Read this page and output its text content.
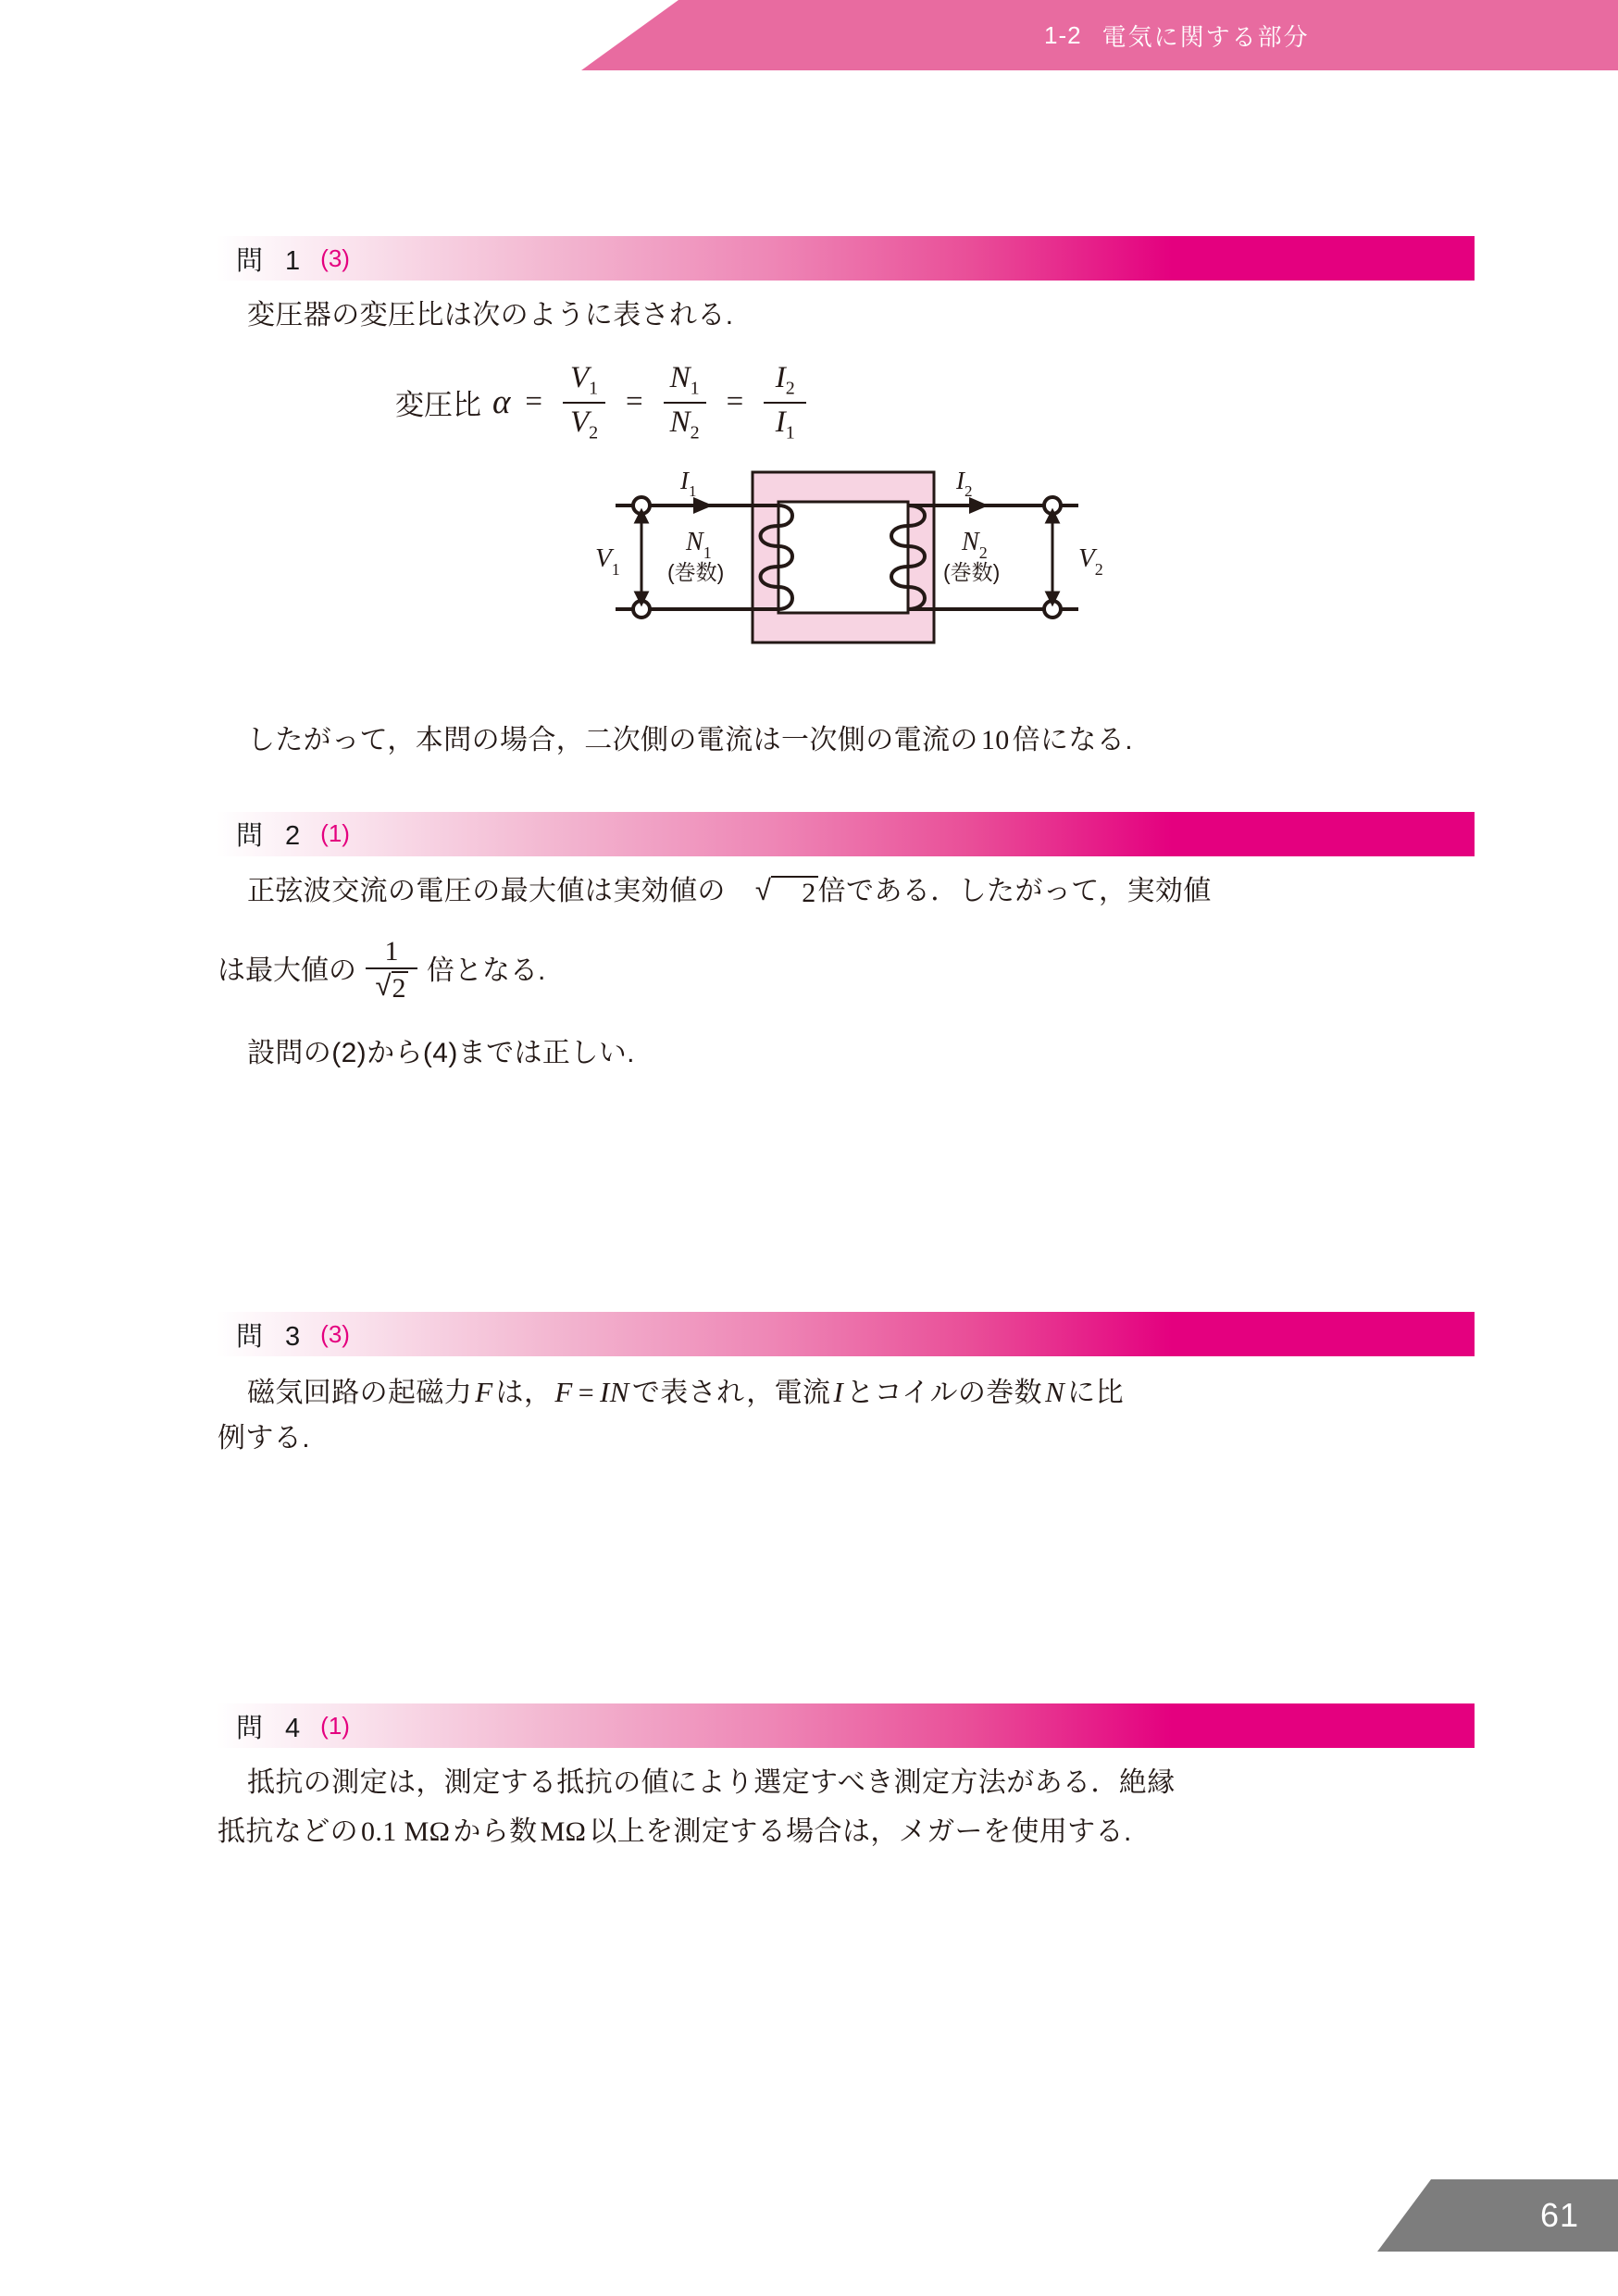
1-2 電気に関する部分
問 1 (3)

変圧器の変圧比は次のように表される.

変圧比 $\alpha = \frac{V_1}{V_2} = \frac{N_1}{N_2} = \frac{I_2}{I_1}$
$I_1$	$I_2$
$V_1$	$V_2$
$N_1$
(巻数)
$N_2$
(巻数)

したがって，本問の場合，二次側の電流は一次側の電流の 10 倍になる.

問 2 (1)

正弦波交流の電圧の最大値は実効値の	√	2 倍である．したがって，実効値

は最大値の $\frac{1}{√ 2}$ 倍となる.

設問の(2)から(4)までは正しい.

問 3 (3)

磁気回路の起磁力F は，F = IN で表され，電流I とコイルの巻数N に比

例する.

問 4 (1)

抵抗の測定は，測定する抵抗の値により選定すべき測定方法がある．絶縁

抵抗などの 0.1 MΩ から数 MΩ 以上を測定する場合は，メガーを使用する.

61
